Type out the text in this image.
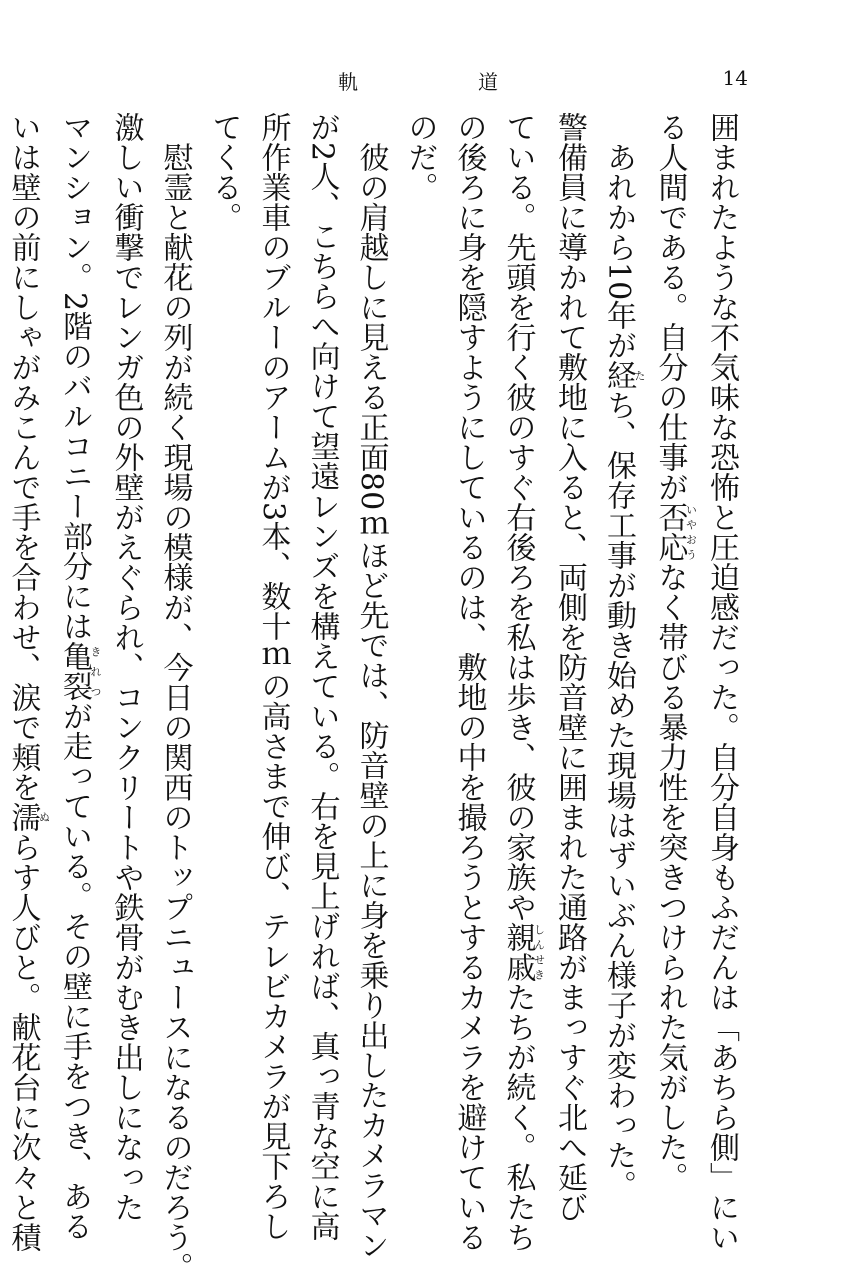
軌	道	14
囲まれたような不気味な恐怖と圧迫感だった。自分自身もふだんは「あちら側」にい
る人間である。自分の仕事が否応いやおうなく帯びる暴力性を突きつけられた気がした。
　あれから10年が経たち、保存工事が動き始めた現場はずいぶん様子が変わった。
警備員に導かれて敷地に入ると、両側を防音壁に囲まれた通路がまっすぐ北へ延び
ている。先頭を行く彼のすぐ右後ろを私は歩き、彼の家族や親戚しんせきたちが続く。私たち
の後ろに身を隠すようにしているのは、敷地の中を撮ろうとするカメラを避けている
のだ。
　彼の肩越しに見える正面80ｍほど先では、防音壁の上に身を乗り出したカメラマン
が2人、こちらへ向けて望遠レンズを構えている。右を見上げれば、真っ青な空に高
所作業車のブルーのアームが3本、数十ｍの高さまで伸び、テレビカメラが見下ろし
てくる。
　慰霊と献花の列が続く現場の模様が、今日の関西のトップニュースになるのだろう。
激しい衝撃でレンガ色の外壁がえぐられ、コンクリートや鉄骨がむき出しになった
マンション。2階のバルコニー部分には亀裂きれつが走っている。その壁に手をつき、ある
いは壁の前にしゃがみこんで手を合わせ、涙で頬を濡ぬらす人びと。献花台に次々と積
